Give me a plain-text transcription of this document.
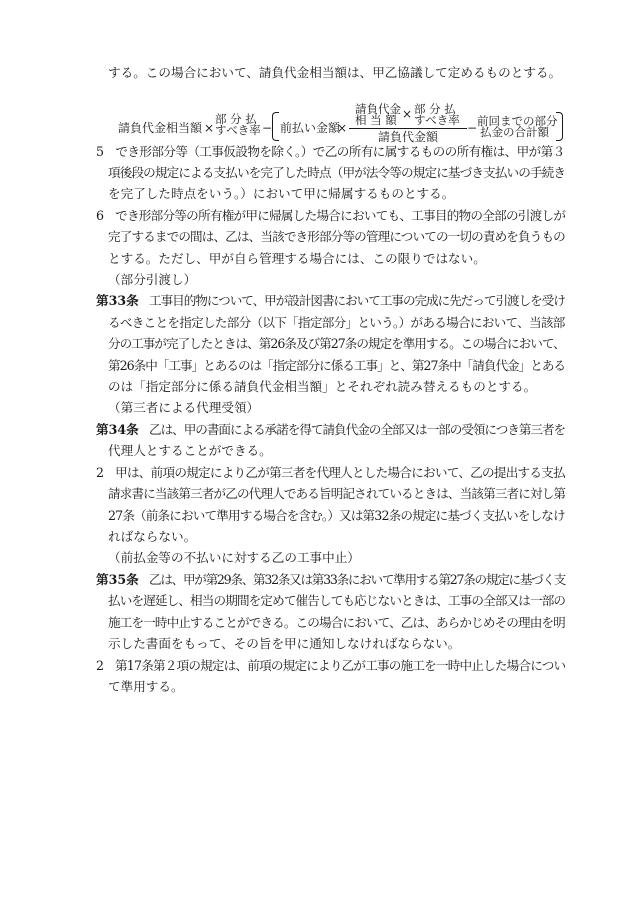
する。この場合において、請負代金相当額は、甲乙協議して定めるものとする。
請負代金相当額 ×
部 分 払
すべき率 − 前払い金額
×
請負代金
相 当 額 × 部 分 払
すべき率
請負代金額
− 前回までの部分
払金の合計額
5　でき形部分等（工事仮設物を除く。）で乙の所有に属するものの所有権は、甲が第３
項後段の規定による支払いを完了した時点（甲が法令等の規定に基づき支払いの手続き
を完了した時点をいう。）において甲に帰属するものとする。
6　でき形部分等の所有権が甲に帰属した場合においても、工事目的物の全部の引渡しが
完了するまでの間は、乙は、当該でき形部分等の管理についての一切の責めを負うもの
とする。ただし、甲が自ら管理する場合には、この限りではない。
（部分引渡し）
第33条 工事目的物について、甲が設計図書において工事の完成に先だって引渡しを受け
るべきことを指定した部分（以下「指定部分」という。）がある場合において、当該部
分の工事が完了したときは、第26条及び第27条の規定を準用する。この場合において、
第26条中「工事」とあるのは「指定部分に係る工事」と、第27条中「請負代金」とある
のは「指定部分に係る請負代金相当額」とそれぞれ読み替えるものとする。
（第三者による代理受領）
第34条 乙は、甲の書面による承諾を得て請負代金の全部又は一部の受領につき第三者を
代理人とすることができる。
2　甲は、前項の規定により乙が第三者を代理人とした場合において、乙の提出する支払
請求書に当該第三者が乙の代理人である旨明記されているときは、当該第三者に対し第
27条（前条において準用する場合を含む。）又は第32条の規定に基づく支払いをしなけ
ればならない。
（前払金等の不払いに対する乙の工事中止）
第35条 乙は、甲が第29条、第32条又は第33条において準用する第27条の規定に基づく支
払いを遅延し、相当の期間を定めて催告しても応じないときは、工事の全部又は一部の
施工を一時中止することができる。この場合において、乙は、あらかじめその理由を明
示した書面をもって、その旨を甲に通知しなければならない。
2　第17条第２項の規定は、前項の規定により乙が工事の施工を一時中止した場合につい
て準用する。
